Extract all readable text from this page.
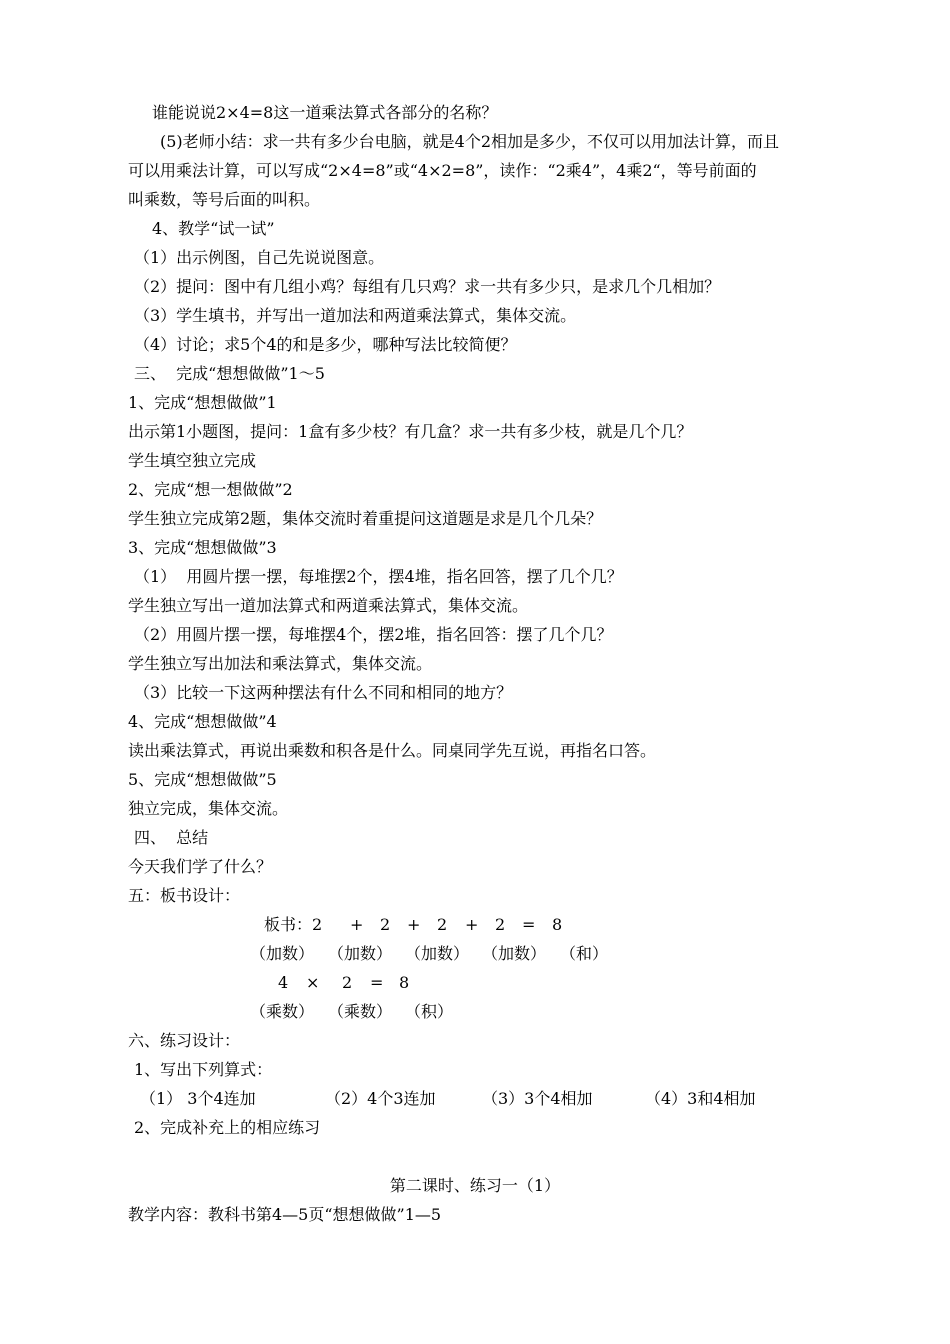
谁能说说2×4=8这一道乘法算式各部分的名称？
(5)老师小结：求一共有多少台电脑，就是4个2相加是多少，不仅可以用加法计算，而且
可以用乘法计算，可以写成“2×4=8”或“4×2=8”，读作：“2乘4”，4乘2“，等号前面的
叫乘数，等号后面的叫积。
4、教学“试一试”
（1）出示例图，自己先说说图意。
（2）提问：图中有几组小鸡？每组有几只鸡？求一共有多少只，是求几个几相加？
（3）学生填书，并写出一道加法和两道乘法算式，集体交流。
（4）讨论；求5个4的和是多少，哪种写法比较简便？
三、  完成“想想做做”1～5
1、完成“想想做做”1
出示第1小题图，提问：1盒有多少枝？有几盒？求一共有多少枝，就是几个几？
学生填空独立完成
2、完成“想一想做做”2
学生独立完成第2题，集体交流时着重提问这道题是求是几个几朵？
3、完成“想想做做”3
（1）  用圆片摆一摆，每堆摆2个，摆4堆，指名回答，摆了几个几？
学生独立写出一道加法算式和两道乘法算式，集体交流。
（2）用圆片摆一摆，每堆摆4个，摆2堆，指名回答：摆了几个几？
学生独立写出加法和乘法算式，集体交流。
（3）比较一下这两种摆法有什么不同和相同的地方？
4、完成“想想做做”4
读出乘法算式，再说出乘数和积各是什么。同桌同学先互说，再指名口答。
5、完成“想想做做”5
独立完成，集体交流。
四、  总结
今天我们学了什么？
五：板书设计：
板书：2 + 2 + 2 + 2 = 8
（加数） （加数） （加数） （加数） （和）
4 × 2 = 8
（乘数） （乘数） （积）
六、练习设计：
1、写出下列算式：
（1） 3个4连加	（2）4个3连加	（3）3个4相加	（4）3和4相加
2、完成补充上的相应练习
第二课时、练习一（1）
教学内容：教科书第4—5页“想想做做”1—5
